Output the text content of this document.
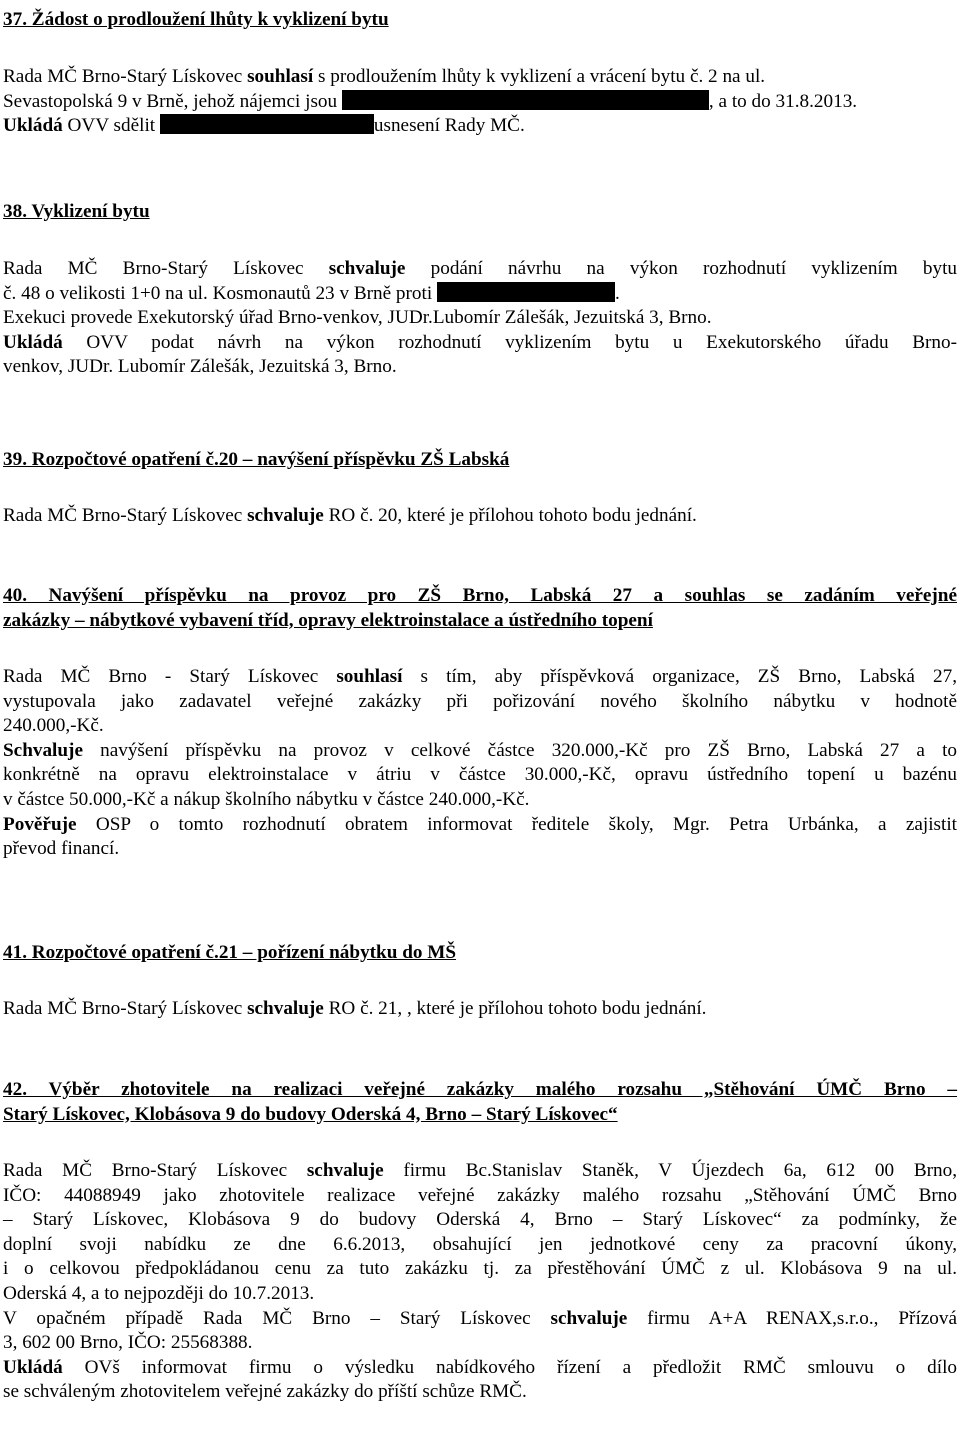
37. Žádost o prodloužení lhůty k vyklizení bytu
Rada MČ Brno-Starý Lískovec souhlasí s prodloužením lhůty k vyklizení a vrácení bytu č. 2 na ul.
Sevastopolská 9 v Brně, jehož nájemci jsou	, a to do 31.8.2013.
Ukládá OVV sdělit	usnesení Rady MČ.
38. Vyklizení bytu
Rada MČ Brno-Starý Lískovec schvaluje podání návrhu na výkon rozhodnutí vyklizením bytu
č. 48 o velikosti 1+0 na ul. Kosmonautů 23 v Brně proti	.
Exekuci provede Exekutorský úřad Brno-venkov, JUDr.Lubomír Zálešák, Jezuitská 3, Brno.
Ukládá OVV podat návrh na výkon rozhodnutí vyklizením bytu u Exekutorského úřadu Brno-
venkov, JUDr. Lubomír Zálešák, Jezuitská 3, Brno.
39. Rozpočtové opatření č.20 – navýšení příspěvku ZŠ Labská
Rada MČ Brno-Starý Lískovec schvaluje RO č. 20, které je přílohou tohoto bodu jednání.
40. Navýšení příspěvku na provoz pro ZŠ Brno, Labská 27 a souhlas se zadáním veřejné
zakázky – nábytkové vybavení tříd, opravy elektroinstalace a ústředního topení
Rada MČ Brno - Starý Lískovec souhlasí s tím, aby příspěvková organizace, ZŠ Brno, Labská 27,
vystupovala jako zadavatel veřejné zakázky při pořizování nového školního nábytku v hodnotě
240.000,-Kč.
Schvaluje navýšení příspěvku na provoz v celkové částce 320.000,-Kč pro ZŠ Brno, Labská 27 a to
konkrétně na opravu elektroinstalace v átriu v částce 30.000,-Kč, opravu ústředního topení u bazénu
v částce 50.000,-Kč a nákup školního nábytku v částce 240.000,-Kč.
Pověřuje OSP o tomto rozhodnutí obratem informovat ředitele školy, Mgr. Petra Urbánka, a zajistit
převod financí.
41. Rozpočtové opatření č.21 – pořízení nábytku do MŠ
Rada MČ Brno-Starý Lískovec schvaluje RO č. 21, , které je přílohou tohoto bodu jednání.
42. Výběr zhotovitele na realizaci veřejné zakázky malého rozsahu „Stěhování ÚMČ Brno –
Starý Lískovec, Klobásova 9 do budovy Oderská 4, Brno – Starý Lískovec“
Rada MČ Brno-Starý Lískovec schvaluje firmu Bc.Stanislav Staněk, V Újezdech 6a, 612 00 Brno,
IČO: 44088949 jako zhotovitele realizace veřejné zakázky malého rozsahu „Stěhování ÚMČ Brno
– Starý Lískovec, Klobásova 9 do budovy Oderská 4, Brno – Starý Lískovec“ za podmínky, že
doplní svoji nabídku ze dne 6.6.2013, obsahující jen jednotkové ceny za pracovní úkony,
i o celkovou předpokládanou cenu za tuto zakázku tj. za přestěhování ÚMČ z ul. Klobásova 9 na ul.
Oderská 4, a to nejpozději do 10.7.2013.
V opačném případě Rada MČ Brno – Starý Lískovec schvaluje firmu A+A RENAX,s.r.o., Přízová
3, 602 00 Brno, IČO: 25568388.
Ukládá OVš informovat firmu o výsledku nabídkového řízení a předložit RMČ smlouvu o dílo
se schváleným zhotovitelem veřejné zakázky do příští schůze RMČ.
